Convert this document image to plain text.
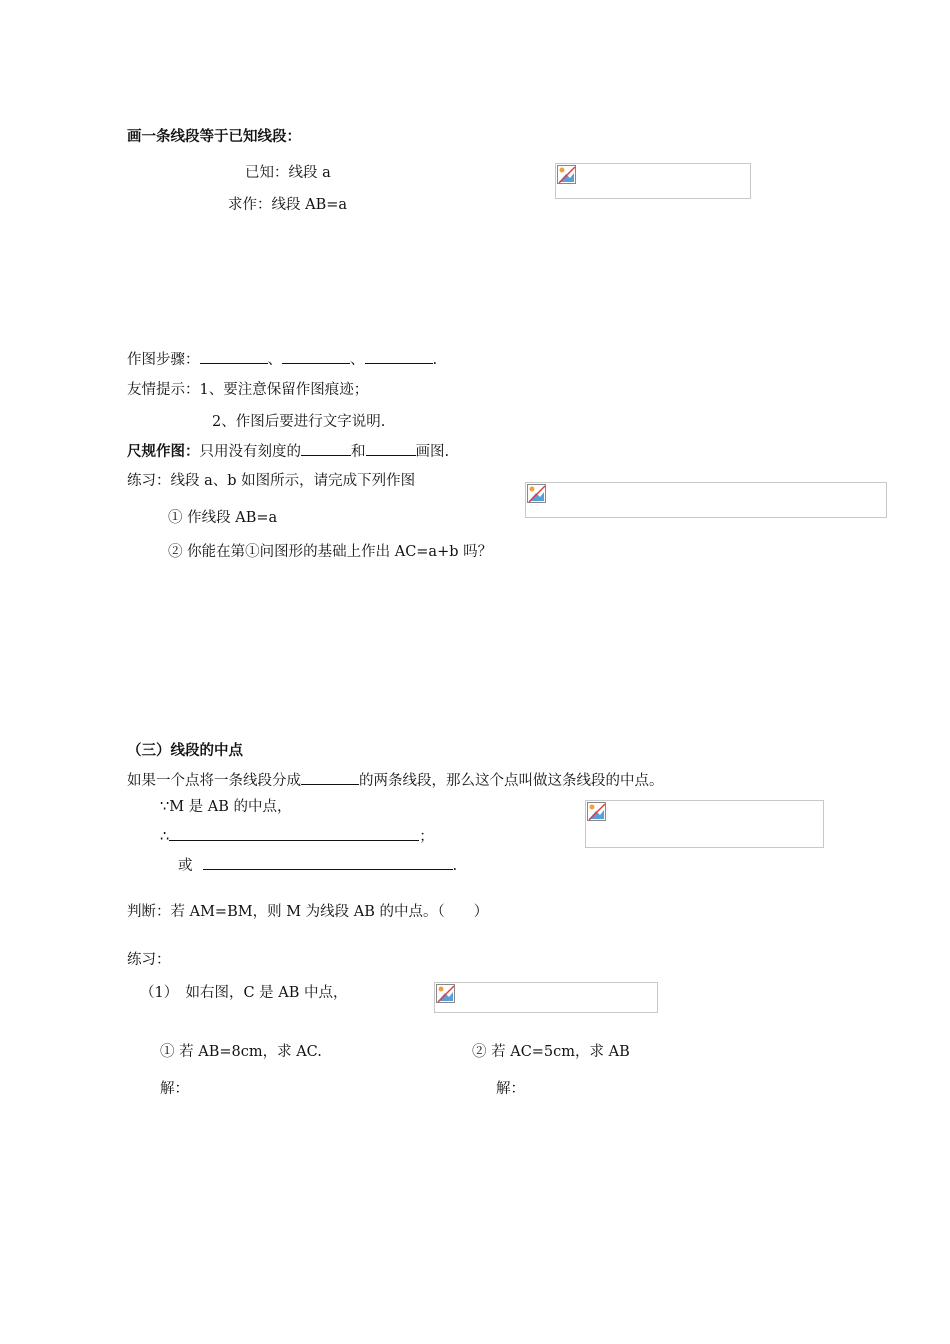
画一条线段等于已知线段：
已知：线段 a
求作：线段 AB=a
作图步骤：	、	、	.
友情提示：1、要注意保留作图痕迹；
2、作图后要进行文字说明.
尺规作图：只用没有刻度的	和	画图.
练习：线段 a、b 如图所示，请完成下列作图
① 作线段 AB=a
② 你能在第①问图形的基础上作出 AC=a+b 吗？
（三）线段的中点
如果一个点将一条线段分成	的两条线段，那么这个点叫做这条线段的中点。
∵M 是 AB 的中点，
∴	；
或	.
判断：若 AM=BM，则 M 为线段 AB 的中点。（　　）
练习：
（1）　如右图，C 是 AB 中点，
① 若 AB=8cm，求 AC.	② 若 AC=5cm，求 AB
解：	解：
